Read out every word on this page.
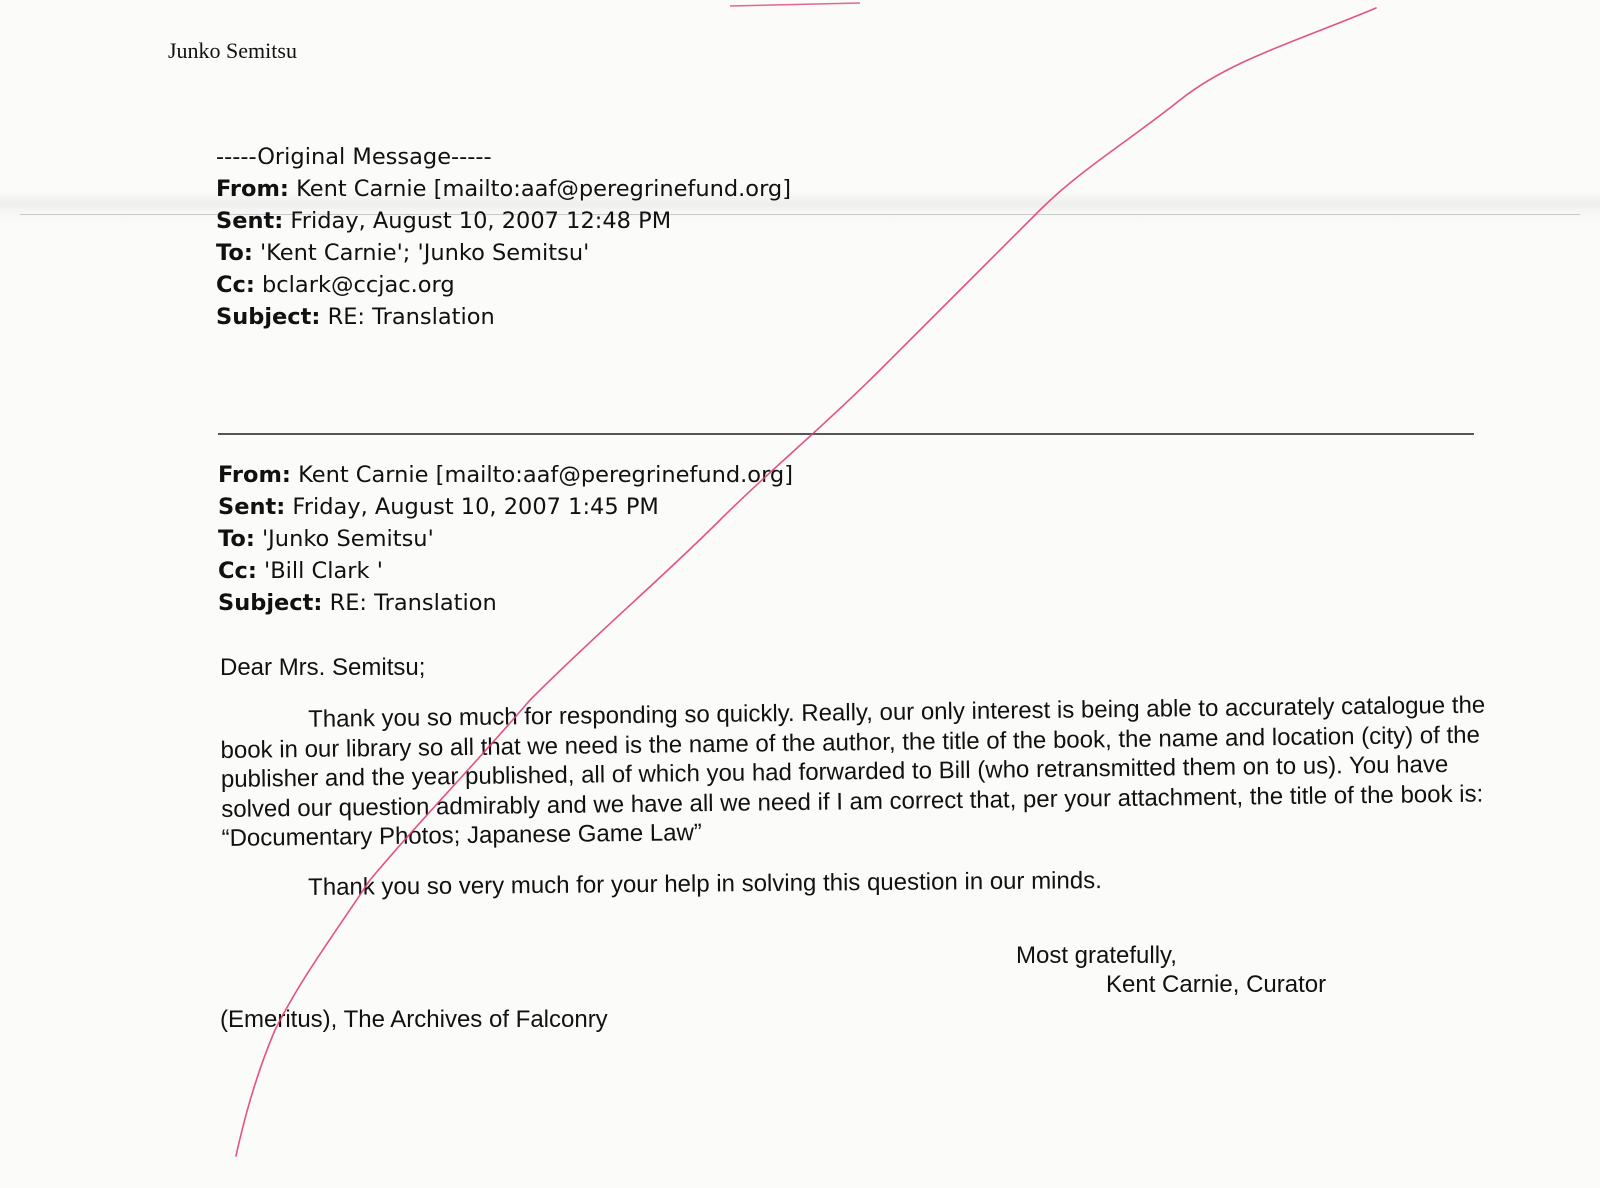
Junko Semitsu
-----Original Message-----
From: Kent Carnie [mailto:aaf@peregrinefund.org]
Sent: Friday, August 10, 2007 12:48 PM
To: 'Kent Carnie'; 'Junko Semitsu'
Cc: bclark@ccjac.org
Subject: RE: Translation
From: Kent Carnie [mailto:aaf@peregrinefund.org]
Sent: Friday, August 10, 2007 1:45 PM
To: 'Junko Semitsu'
Cc: 'Bill Clark '
Subject: RE: Translation
Dear Mrs. Semitsu;
Thank you so much for responding so quickly. Really, our only interest is being able to accurately catalogue the book in our library so all that we need is the name of the author, the title of the book, the name and location (city) of the publisher and the year published, all of which you had forwarded to Bill (who retransmitted them on to us). You have solved our question admirably and we have all we need if I am correct that, per your attachment, the title of the book is: “Documentary Photos; Japanese Game Law”
Thank you so very much for your help in solving this question in our minds.
Most gratefully,
Kent Carnie, Curator
(Emeritus), The Archives of Falconry
